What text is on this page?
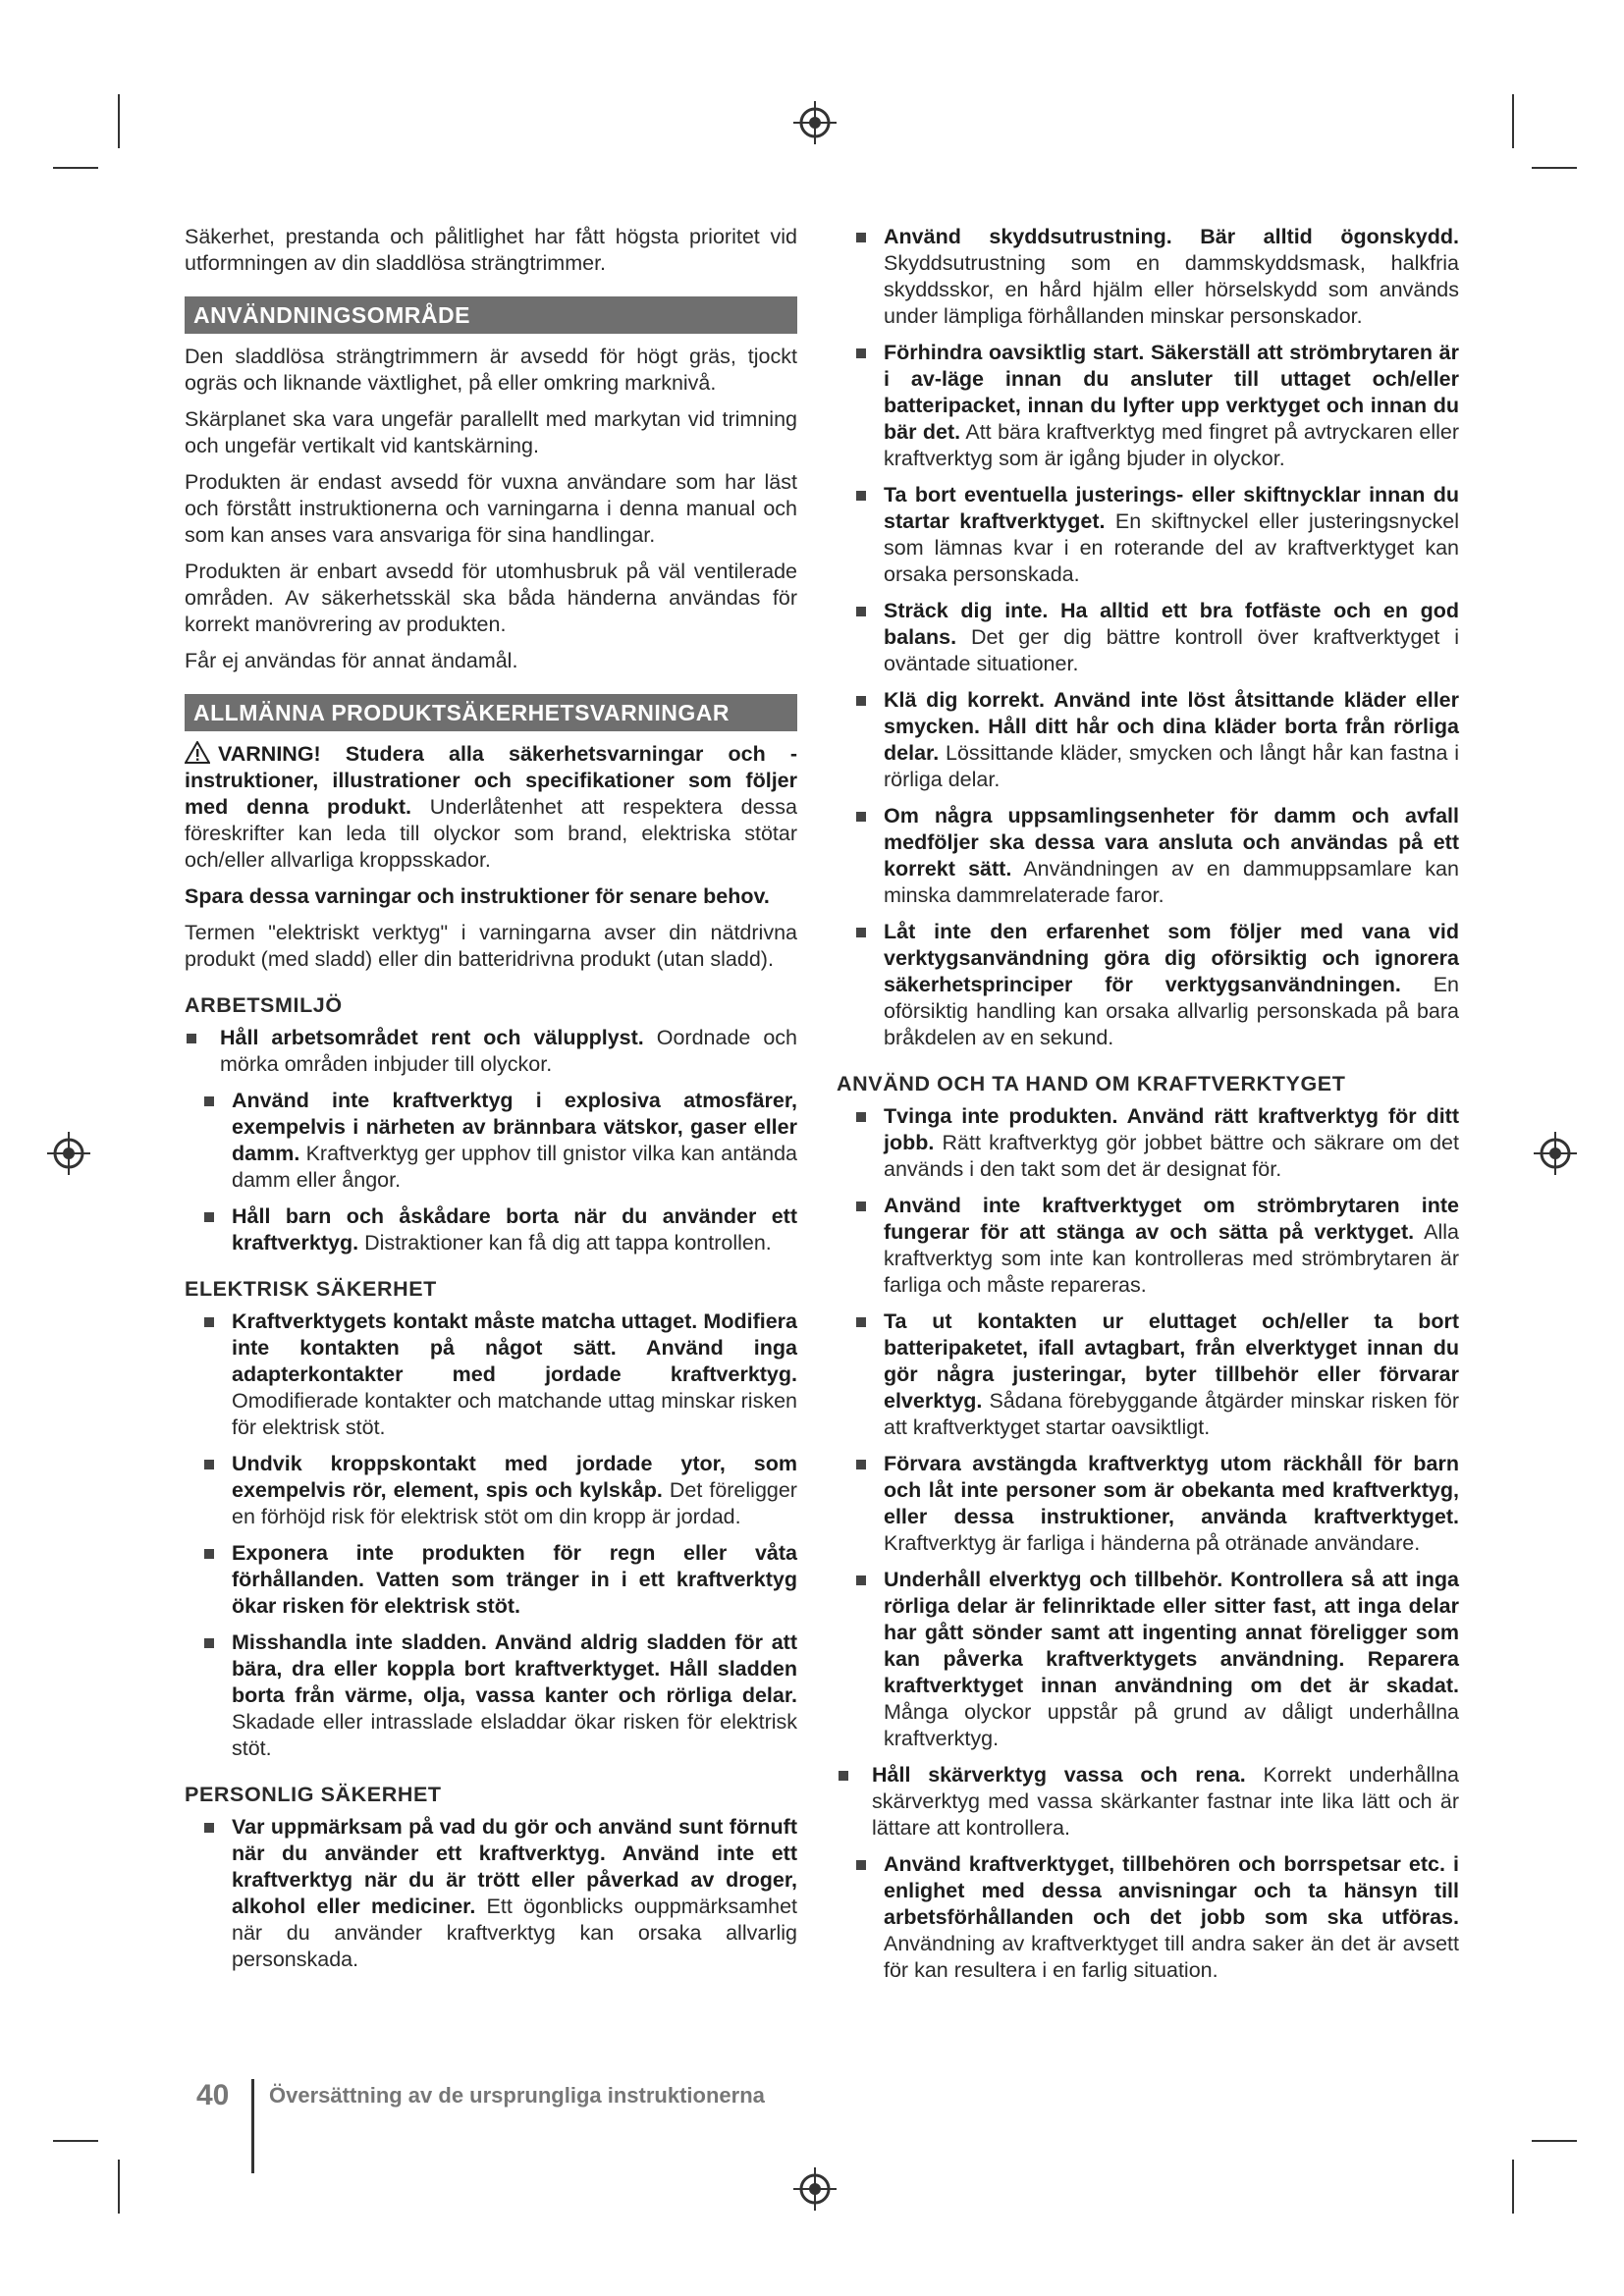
Säkerhet, prestanda och pålitlighet har fått högsta prioritet vid utformningen av din sladdlösa strängtrimmer.

ANVÄNDNINGSOMRÅDE

Den sladdlösa strängtrimmern är avsedd för högt gräs, tjockt ogräs och liknande växtlighet, på eller omkring marknivå.

Skärplanet ska vara ungefär parallellt med markytan vid trimning och ungefär vertikalt vid kantskärning.

Produkten är endast avsedd för vuxna användare som har läst och förstått instruktionerna och varningarna i denna manual och som kan anses vara ansvariga för sina handlingar.

Produkten är enbart avsedd för utomhusbruk på väl ventilerade områden. Av säkerhetsskäl ska båda händerna användas för korrekt manövrering av produkten.

Får ej användas för annat ändamål.

ALLMÄNNA PRODUKTSÄKERHETSVARNINGAR

VARNING! Studera alla säkerhetsvarningar och -instruktioner, illustrationer och specifikationer som följer med denna produkt. Underlåtenhet att respektera dessa föreskrifter kan leda till olyckor som brand, elektriska stötar och/eller allvarliga kroppsskador.

Spara dessa varningar och instruktioner för senare behov.

Termen "elektriskt verktyg" i varningarna avser din nätdrivna produkt (med sladd) eller din batteridrivna produkt (utan sladd).

ARBETSMILJÖ
Håll arbetsområdet rent och välupplyst. Oordnade och mörka områden inbjuder till olyckor.
Använd inte kraftverktyg i explosiva atmosfärer, exempelvis i närheten av brännbara vätskor, gaser eller damm. Kraftverktyg ger upphov till gnistor vilka kan antända damm eller ångor.
Håll barn och åskådare borta när du använder ett kraftverktyg. Distraktioner kan få dig att tappa kontrollen.
ELEKTRISK SÄKERHET
Kraftverktygets kontakt måste matcha uttaget. Modifiera inte kontakten på något sätt. Använd inga adapterkontakter med jordade kraftverktyg. Omodifierade kontakter och matchande uttag minskar risken för elektrisk stöt.
Undvik kroppskontakt med jordade ytor, som exempelvis rör, element, spis och kylskåp. Det föreligger en förhöjd risk för elektrisk stöt om din kropp är jordad.
Exponera inte produkten för regn eller våta förhållanden. Vatten som tränger in i ett kraftverktyg ökar risken för elektrisk stöt.
Misshandla inte sladden. Använd aldrig sladden för att bära, dra eller koppla bort kraftverktyget. Håll sladden borta från värme, olja, vassa kanter och rörliga delar. Skadade eller intrasslade elsladdar ökar risken för elektrisk stöt.
PERSONLIG SÄKERHET
Var uppmärksam på vad du gör och använd sunt förnuft när du använder ett kraftverktyg. Använd inte ett kraftverktyg när du är trött eller påverkad av droger, alkohol eller mediciner. Ett ögonblicks ouppmärksamhet när du använder kraftverktyg kan orsaka allvarlig personskada.
Använd skyddsutrustning. Bär alltid ögonskydd. Skyddsutrustning som en dammskyddsmask, halkfria skyddsskor, en hård hjälm eller hörselskydd som används under lämpliga förhållanden minskar personskador.
Förhindra oavsiktlig start. Säkerställ att strömbrytaren är i av-läge innan du ansluter till uttaget och/eller batteripacket, innan du lyfter upp verktyget och innan du bär det. Att bära kraftverktyg med fingret på avtryckaren eller kraftverktyg som är igång bjuder in olyckor.
Ta bort eventuella justerings- eller skiftnycklar innan du startar kraftverktyget. En skiftnyckel eller justeringsnyckel som lämnas kvar i en roterande del av kraftverktyget kan orsaka personskada.
Sträck dig inte. Ha alltid ett bra fotfäste och en god balans. Det ger dig bättre kontroll över kraftverktyget i oväntade situationer.
Klä dig korrekt. Använd inte löst åtsittande kläder eller smycken. Håll ditt hår och dina kläder borta från rörliga delar. Lössittande kläder, smycken och långt hår kan fastna i rörliga delar.
Om några uppsamlingsenheter för damm och avfall medföljer ska dessa vara ansluta och användas på ett korrekt sätt. Användningen av en dammuppsamlare kan minska dammrelaterade faror.
Låt inte den erfarenhet som följer med vana vid verktygsanvändning göra dig oförsiktig och ignorera säkerhetsprinciper för verktygsanvändningen. En oförsiktig handling kan orsaka allvarlig personskada på bara bråkdelen av en sekund.
ANVÄND OCH TA HAND OM KRAFTVERKTYGET
Tvinga inte produkten. Använd rätt kraftverktyg för ditt jobb. Rätt kraftverktyg gör jobbet bättre och säkrare om det används i den takt som det är designat för.
Använd inte kraftverktyget om strömbrytaren inte fungerar för att stänga av och sätta på verktyget. Alla kraftverktyg som inte kan kontrolleras med strömbrytaren är farliga och måste repareras.
Ta ut kontakten ur eluttaget och/eller ta bort batteripaketet, ifall avtagbart, från elverktyget innan du gör några justeringar, byter tillbehör eller förvarar elverktyg. Sådana förebyggande åtgärder minskar risken för att kraftverktyget startar oavsiktligt.
Förvara avstängda kraftverktyg utom räckhåll för barn och låt inte personer som är obekanta med kraftverktyg, eller dessa instruktioner, använda kraftverktyget. Kraftverktyg är farliga i händerna på otränade användare.
Underhåll elverktyg och tillbehör. Kontrollera så att inga rörliga delar är felinriktade eller sitter fast, att inga delar har gått sönder samt att ingenting annat föreligger som kan påverka kraftverktygets användning. Reparera kraftverktyget innan användning om det är skadat. Många olyckor uppstår på grund av dåligt underhållna kraftverktyg.
Håll skärverktyg vassa och rena. Korrekt underhållna skärverktyg med vassa skärkanter fastnar inte lika lätt och är lättare att kontrollera.
Använd kraftverktyget, tillbehören och borrspetsar etc. i enlighet med dessa anvisningar och ta hänsyn till arbetsförhållanden och det jobb som ska utföras. Användning av kraftverktyget till andra saker än det är avsett för kan resultera i en farlig situation.
40 Översättning av de ursprungliga instruktionerna
